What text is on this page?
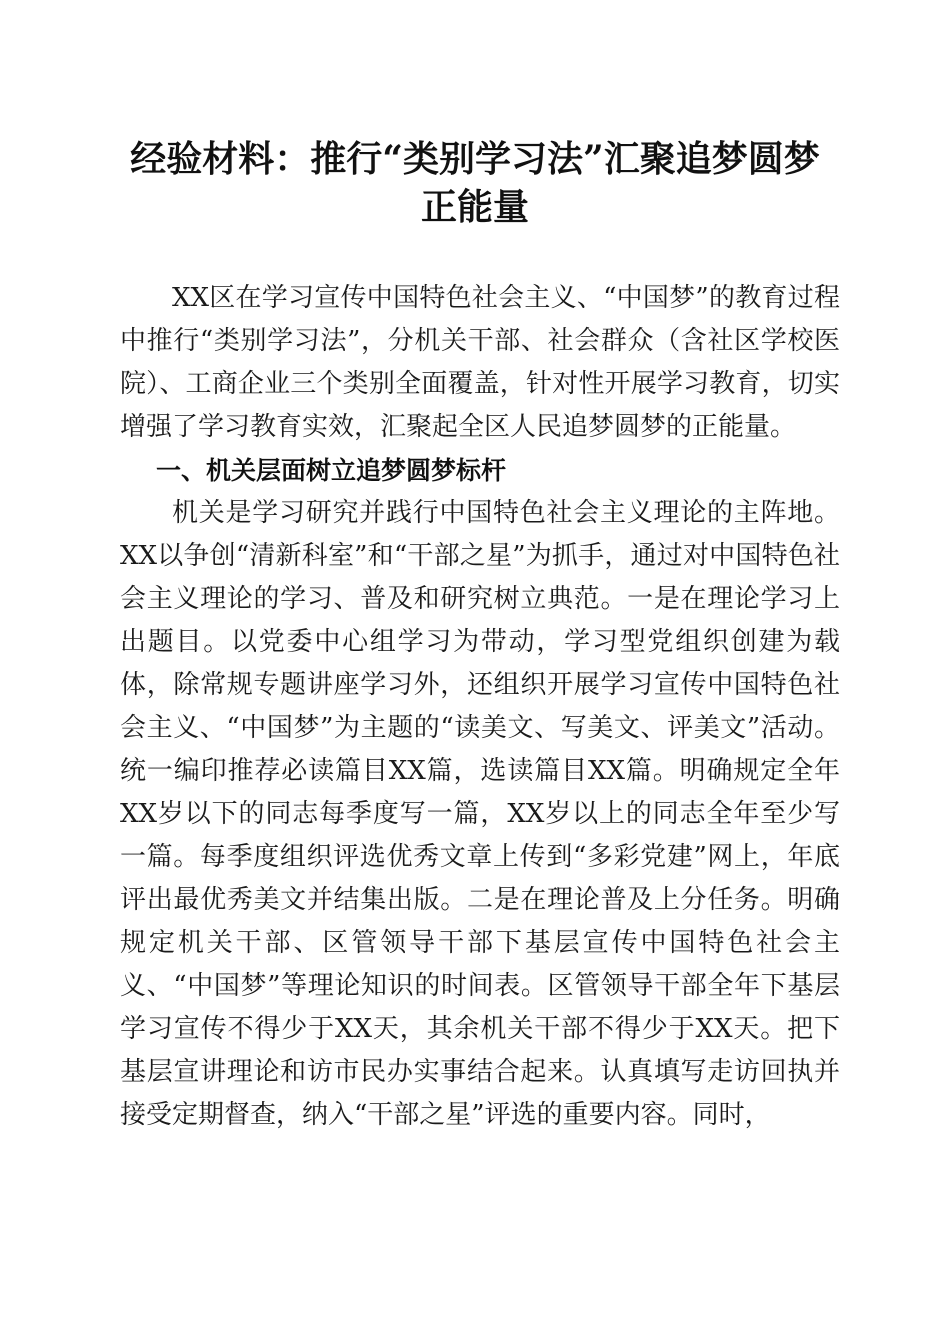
经验材料：推行“类别学习法”汇聚追梦圆梦
正能量

XX区在学习宣传中国特色社会主义、“中国梦”的教育过程中推行“类别学习法”，分机关干部、社会群众（含社区学校医院）、工商企业三个类别全面覆盖，针对性开展学习教育，切实增强了学习教育实效，汇聚起全区人民追梦圆梦的正能量。

一、机关层面树立追梦圆梦标杆

机关是学习研究并践行中国特色社会主义理论的主阵地。XX以争创“清新科室”和“干部之星”为抓手，通过对中国特色社会主义理论的学习、普及和研究树立典范。一是在理论学习上出题目。以党委中心组学习为带动，学习型党组织创建为载体，除常规专题讲座学习外，还组织开展学习宣传中国特色社会主义、“中国梦”为主题的“读美文、写美文、评美文”活动。统一编印推荐必读篇目XX篇，选读篇目XX篇。明确规定全年XX岁以下的同志每季度写一篇，XX岁以上的同志全年至少写一篇。每季度组织评选优秀文章上传到“多彩党建”网上，年底评出最优秀美文并结集出版。二是在理论普及上分任务。明确规定机关干部、区管领导干部下基层宣传中国特色社会主义、“中国梦”等理论知识的时间表。区管领导干部全年下基层学习宣传不得少于XX天，其余机关干部不得少于XX天。把下基层宣讲理论和访市民办实事结合起来。认真填写走访回执并接受定期督查，纳入“干部之星”评选的重要内容。同时，
